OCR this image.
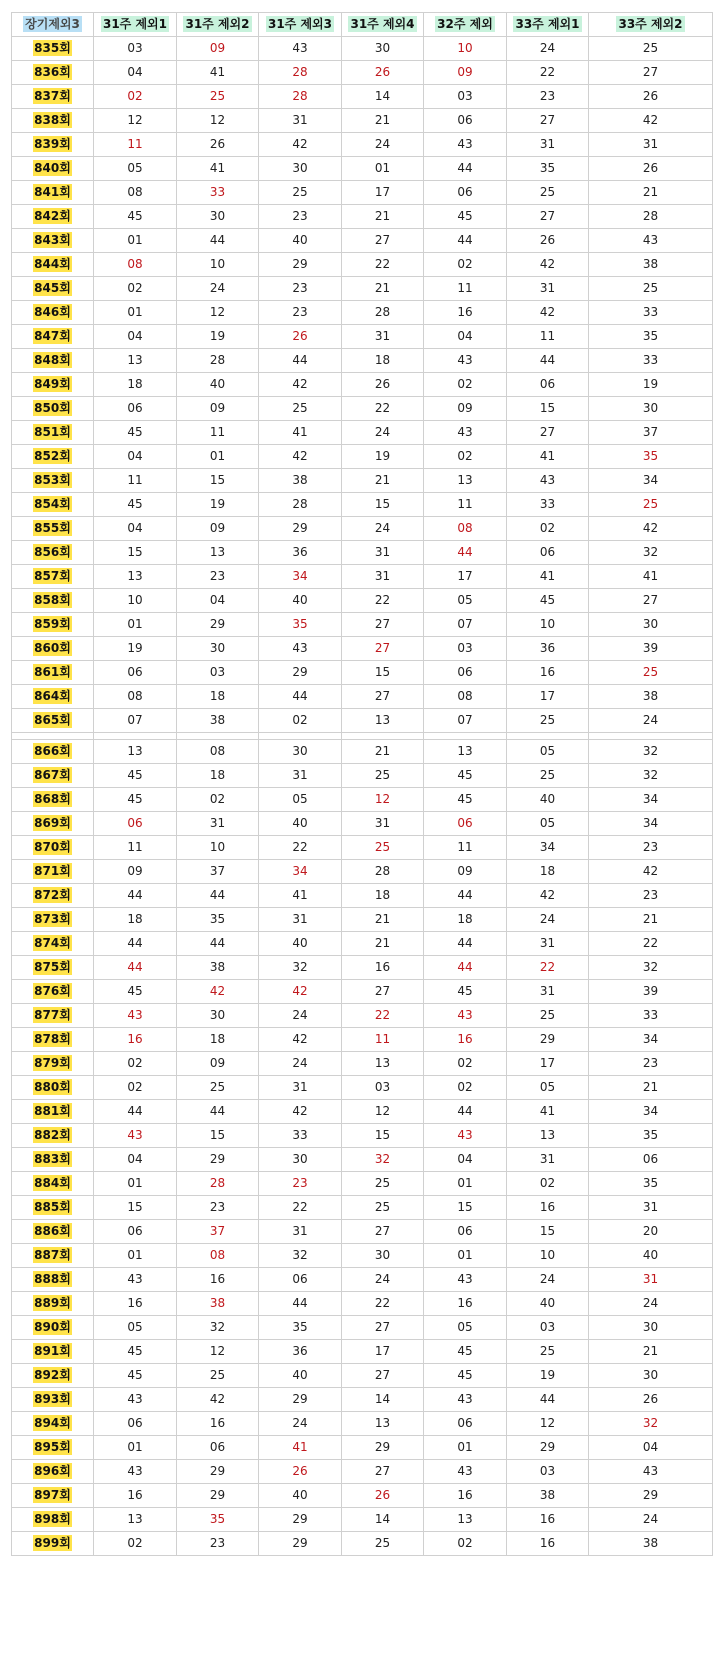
장기제외3	31주 제외1	31주 제외2	31주 제외3	31주 제외4	32주 제외	33주 제외1	33주 제외2
835회	03	09	43	30	10	24	25
836회	04	41	28	26	09	22	27
837회	02	25	28	14	03	23	26
838회	12	12	31	21	06	27	42
839회	11	26	42	24	43	31	31
840회	05	41	30	01	44	35	26
841회	08	33	25	17	06	25	21
842회	45	30	23	21	45	27	28
843회	01	44	40	27	44	26	43
844회	08	10	29	22	02	42	38
845회	02	24	23	21	11	31	25
846회	01	12	23	28	16	42	33
847회	04	19	26	31	04	11	35
848회	13	28	44	18	43	44	33
849회	18	40	42	26	02	06	19
850회	06	09	25	22	09	15	30
851회	45	11	41	24	43	27	37
852회	04	01	42	19	02	41	35
853회	11	15	38	21	13	43	34
854회	45	19	28	15	11	33	25
855회	04	09	29	24	08	02	42
856회	15	13	36	31	44	06	32
857회	13	23	34	31	17	41	41
858회	10	04	40	22	05	45	27
859회	01	29	35	27	07	10	30
860회	19	30	43	27	03	36	39
861회	06	03	29	15	06	16	25
864회	08	18	44	27	08	17	38
865회	07	38	02	13	07	25	24

866회	13	08	30	21	13	05	32
867회	45	18	31	25	45	25	32
868회	45	02	05	12	45	40	34
869회	06	31	40	31	06	05	34
870회	11	10	22	25	11	34	23
871회	09	37	34	28	09	18	42
872회	44	44	41	18	44	42	23
873회	18	35	31	21	18	24	21
874회	44	44	40	21	44	31	22
875회	44	38	32	16	44	22	32
876회	45	42	42	27	45	31	39
877회	43	30	24	22	43	25	33
878회	16	18	42	11	16	29	34
879회	02	09	24	13	02	17	23
880회	02	25	31	03	02	05	21
881회	44	44	42	12	44	41	34
882회	43	15	33	15	43	13	35
883회	04	29	30	32	04	31	06
884회	01	28	23	25	01	02	35
885회	15	23	22	25	15	16	31
886회	06	37	31	27	06	15	20
887회	01	08	32	30	01	10	40
888회	43	16	06	24	43	24	31
889회	16	38	44	22	16	40	24
890회	05	32	35	27	05	03	30
891회	45	12	36	17	45	25	21
892회	45	25	40	27	45	19	30
893회	43	42	29	14	43	44	26
894회	06	16	24	13	06	12	32
895회	01	06	41	29	01	29	04
896회	43	29	26	27	43	03	43
897회	16	29	40	26	16	38	29
898회	13	35	29	14	13	16	24
899회	02	23	29	25	02	16	38
